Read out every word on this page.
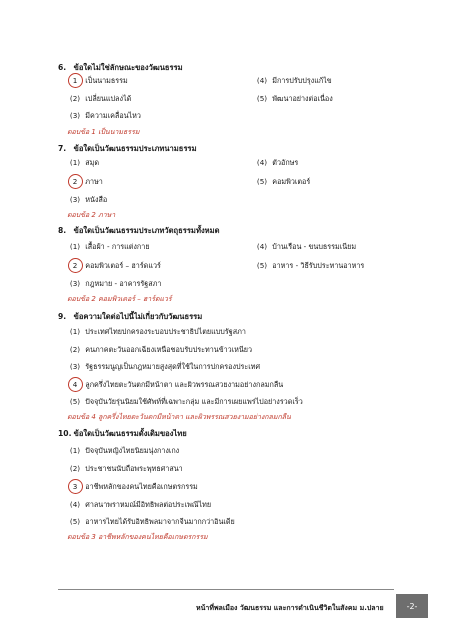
6. ข้อใดไม่ใช่ลักษณะของวัฒนธรรม
1 เป็นนามธรรม	(4) มีการปรับปรุงแก้ไข
(2) เปลี่ยนแปลงได้	(5) พัฒนาอย่างต่อเนื่อง
(3) มีความเคลื่อนไหว
ตอบข้อ 1 เป็นนามธรรม
7. ข้อใดเป็นวัฒนธรรมประเภทนามธรรม
(1) สมุด	(4) ตัวอักษร
2 ภาษา	(5) คอมพิวเตอร์
(3) หนังสือ
ตอบข้อ 2 ภาษา
8. ข้อใดเป็นวัฒนธรรมประเภทวัตถุธรรมทั้งหมด
(1) เสื้อผ้า - การแต่งกาย	(4) บ้านเรือน - ขนบธรรมเนียม
2 คอมพิวเตอร์ – ฮาร์ดแวร์	(5) อาหาร - วิธีรับประทานอาหาร
(3) กฎหมาย - อาคารรัฐสภา
ตอบข้อ 2 คอมพิวเตอร์ – ฮาร์ดแวร์
9. ข้อความใดต่อไปนี้ไม่เกี่ยวกับวัฒนธรรม
(1) ประเทศไทยปกครองระบอบประชาธิปไตยแบบรัฐสภา
(2) คนภาคตะวันออกเฉียงเหนือชอบรับประทานข้าวเหนียว
(3) รัฐธรรมนูญเป็นกฎหมายสูงสุดที่ใช้ในการปกครองประเทศ
4 ลูกครึ่งไทยตะวันตกมีหน้าตา และผิวพรรณสวยงามอย่างกลมกลืน
(5) ปัจจุบันวัยรุ่นนิยมใช้ศัพท์ที่เฉพาะกลุ่ม และมีการเผยแพร่ไปอย่างรวดเร็ว
ตอบข้อ 4 ลูกครึ่งไทยตะวันตกมีหน้าตา และผิวพรรณสวยงามอย่างกลมกลืน
10. ข้อใดเป็นวัฒนธรรมดั้งเดิมของไทย
(1) ปัจจุบันหญิงไทยนิยมนุ่งกางเกง
(2) ประชาชนนับถือพระพุทธศาสนา
3 อาชีพหลักของคนไทยคือเกษตรกรรม
(4) ศาลนาพราหมณ์มีอิทธิพลต่อประเพณีไทย
(5) อาหารไทยได้รับอิทธิพลมาจากจีนมากกว่าอินเดีย
ตอบข้อ 3 อาชีพหลักของคนไทยคือเกษตรกรรม
หน้าที่พลเมือง วัฒนธรรม และการดำเนินชีวิตในสังคม ม.ปลาย	-2-
